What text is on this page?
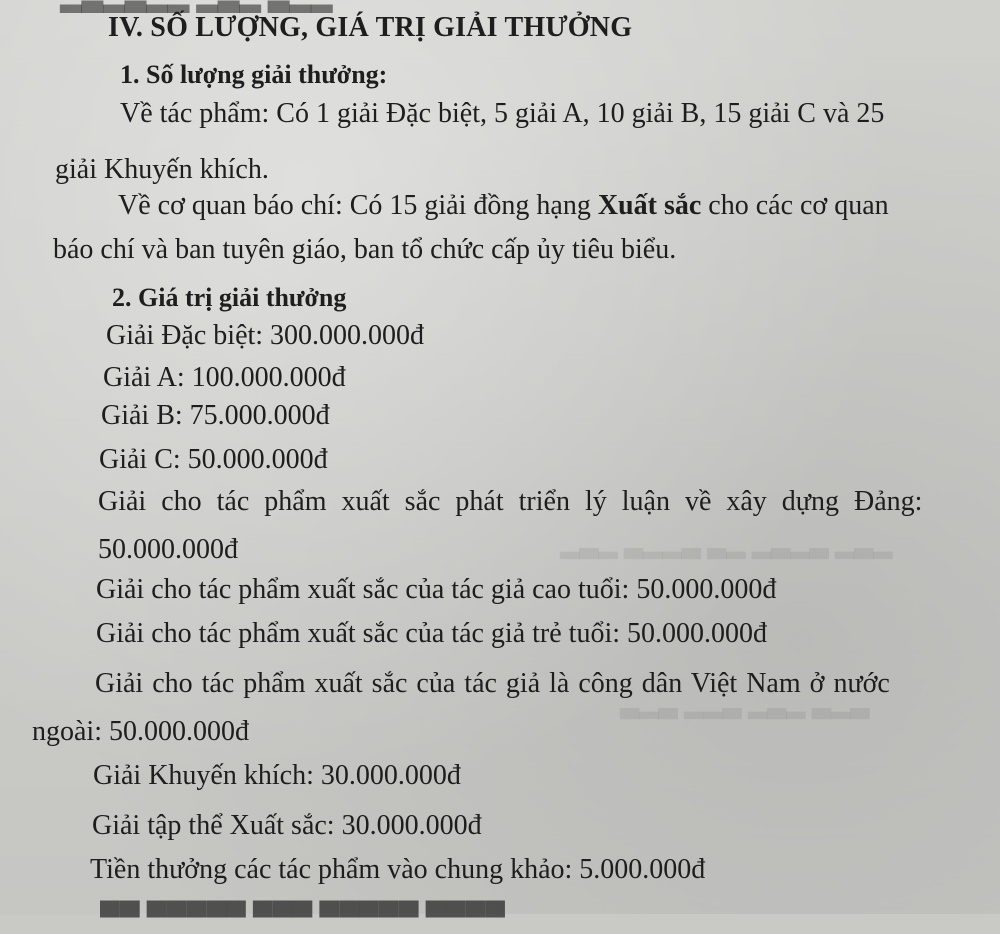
▂▃▂ ▃▂▃▂ ▂▃ ▃▂▂▃ ▂▃▂
▃▂▃ ▂▃▂ ▃▂▂ ▃▂▃
IV. SỐ LƯỢNG, GIÁ TRỊ GIẢI THƯỞNG
1. Số lượng giải thưởng:
Về tác phẩm: Có 1 giải Đặc biệt, 5 giải A, 10 giải B, 15 giải C và 25
giải Khuyến khích.
Về cơ quan báo chí: Có 15 giải đồng hạng Xuất sắc cho các cơ quan
báo chí và ban tuyên giáo, ban tổ chức cấp ủy tiêu biểu.
2. Giá trị giải thưởng
Giải Đặc biệt: 300.000.000đ
Giải A: 100.000.000đ
Giải B: 75.000.000đ
Giải C: 50.000.000đ
Giải cho tác phẩm xuất sắc phát triển lý luận về xây dựng Đảng:
50.000.000đ
Giải cho tác phẩm xuất sắc của tác giả cao tuổi: 50.000.000đ
Giải cho tác phẩm xuất sắc của tác giả trẻ tuổi: 50.000.000đ
Giải cho tác phẩm xuất sắc của tác giả là công dân Việt Nam ở nước
ngoài: 50.000.000đ
Giải Khuyến khích: 30.000.000đ
Giải tập thể Xuất sắc: 30.000.000đ
Tiền thưởng các tác phẩm vào chung khảo: 5.000.000đ
▀▀ ▀▀▀▀▀ ▀▀▀ ▀▀▀▀▀ ▀▀▀▀
